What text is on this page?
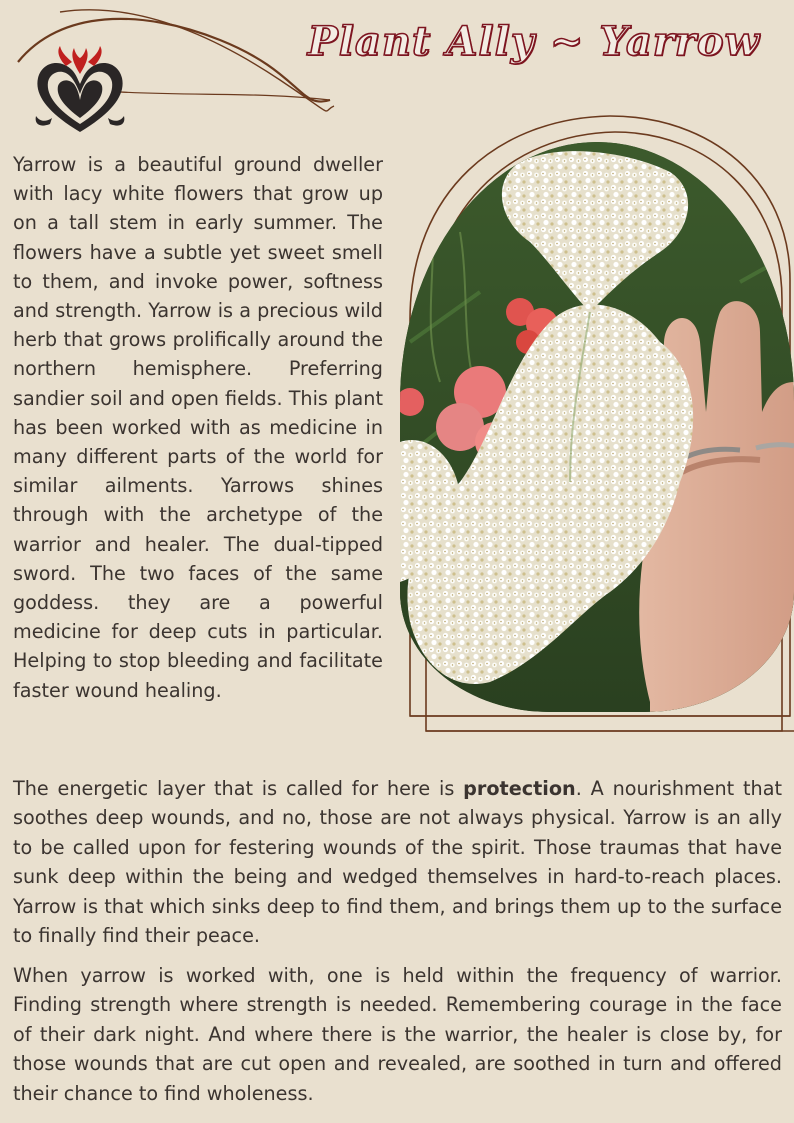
Plant Ally ~ Yarrow

Yarrow is a beautiful ground dweller with lacy white flowers that grow up on a tall stem in early summer. The flowers have a subtle yet sweet smell to them, and invoke power, softness and strength. Yarrow is a precious wild herb that grows prolifically around the northern hemisphere. Preferring sandier soil and open fields. This plant has been worked with as medicine in many different parts of the world for similar ailments. Yarrows shines through with the archetype of the warrior and healer. The dual-tipped sword. The two faces of the same goddess. they are a powerful medicine for deep cuts in particular. Helping to stop bleeding and facilitate faster wound healing.

The energetic layer that is called for here is protection. A nourishment that soothes deep wounds, and no, those are not always physical. Yarrow is an ally to be called upon for festering wounds of the spirit. Those traumas that have sunk deep within the being and wedged themselves in hard-to-reach places. Yarrow is that which sinks deep to find them, and brings them up to the surface to finally find their peace.

When yarrow is worked with, one is held within the frequency of warrior. Finding strength where strength is needed. Remembering courage in the face of their dark night. And where there is the warrior, the healer is close by, for those wounds that are cut open and revealed, are soothed in turn and offered their chance to find wholeness.
